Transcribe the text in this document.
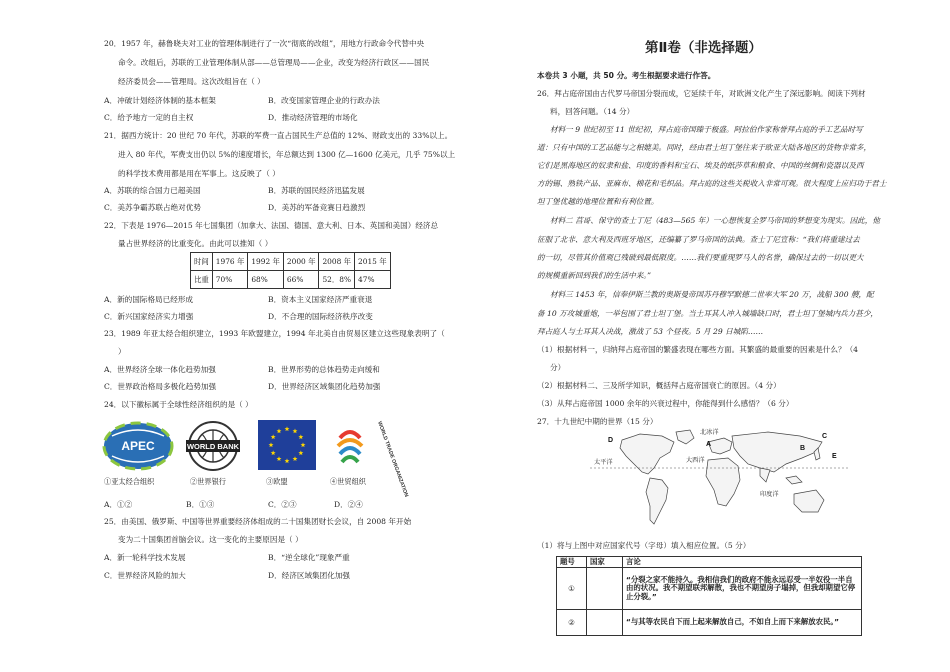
20．1957 年，赫鲁晓夫对工业的管理体制进行了一次“彻底的改组”，用地方行政命令代替中央
命令。改组后，苏联的工业管理体制从部——总管理局——企业，改变为经济行政区——国民
经济委员会——管理局。这次改组旨在（ ）
A．冲破计划经济体制的基本框架	B．改变国家管理企业的行政办法
C．给予地方一定的自主权	D．推动经济管理的市场化
21．据西方统计：20 世纪 70 年代，苏联的军费一直占国民生产总值的 12%、财政支出的 33%以上。
进入 80 年代，军费支出仍以 5%的速度增长，年总额达到 1300 亿—1600 亿美元，几乎 75%以上
的科学技术费用都是用在军事上。这反映了（ ）
A．苏联的综合国力已超美国	B．苏联的国民经济迅猛发展
C．美苏争霸苏联占绝对优势	D．美苏的军备竞赛日趋激烈
22．下表是 1976—2015 年七国集团（加拿大、法国、德国、意大利、日本、英国和美国）经济总
量占世界经济的比重变化。由此可以推知（ ）
时间	1976 年	1992 年	2000 年	2008 年	2015 年
比重	70%	68%	66%	52．8%	47%
A．新的国际格局已经形成	B．资本主义国家经济严重衰退
C．新兴国家经济实力增强	D．不合理的国际经济秩序改变
23．1989 年亚太经合组织建立，1993 年欧盟建立，1994 年北美自由贸易区建立这些现象表明了（
）
A．世界经济全球一体化趋势加强	B．世界形势的总体趋势走向缓和
C．世界政治格局多极化趋势加强	D．世界经济区域集团化趋势加强
24．以下徽标属于全球性经济组织的是（ ）
APEC	WORLD BANK	WORLD TRADE ORGANIZATION
①亚太经合组织	②世界银行	③欧盟	④世贸组织
A．①②	B．①③	C．②③	D．②④
25．由美国、俄罗斯、中国等世界重要经济体组成的二十国集团财长会议，自 2008 年开始
变为二十国集团首脑会议。这一变化的主要原因是（ ）
A．新一轮科学技术发展	B．“逆全球化”现象严重
C．世界经济风险的加大	D．经济区域集团化加强
第Ⅱ卷（非选择题）
本卷共 3 小题，共 50 分。考生根据要求进行作答。
26．拜占庭帝国由古代罗马帝国分裂而成，它延续千年，对欧洲文化产生了深远影响。阅读下列材
料，回答问题。（14 分）
材料一 9 世纪初至 11 世纪初，拜占庭帝国臻于极盛。阿拉伯作家称誉拜占庭的手工艺品时写
道：只有中国的工艺品能与之相媲美。同时，经由君士坦丁堡往来于欧亚大陆各地区的货物非常多，
它们是黑海地区的奴隶和盐、印度的香料和宝石、埃及的纸莎草和粮食、中国的丝绸和瓷器以及西
方的锡、熟铁产品、亚麻布、棉花和毛织品。拜占庭的这些关税收入非常可观。很大程度上应归功于君士
坦丁堡优越的地理位置和有利位置。
材料二 莒哥、保守的查士丁尼（483—565 年）一心想恢复全罗马帝国的梦想变为现实。因此，他
征服了北非、意大利及西班牙地区，还编纂了罗马帝国的法典。查士丁尼宣称：“我们将重建过去
的一切，尽管其价值观已残破到最低限度。……我们要重现罗马人的名誉，确保过去的一切以更大
的规模重新回到我们的生活中来。”
材料三 1453 年，信奉伊斯兰教的奥斯曼帝国苏丹穆罕默德二世率大军 20 万，战船 300 艘，配
备 10 万攻城重炮，一举包围了君士坦丁堡。当土耳其人冲入城墙缺口时，君士坦丁堡城内兵力甚少，
拜占庭人与土耳其人决战，激战了 53 个昼夜。5 月 29 日城陷……
（1）根据材料一，归纳拜占庭帝国的繁盛表现在哪些方面。其繁盛的最重要的因素是什么？（4
分）
（2）根据材料二、三及所学知识，概括拜占庭帝国衰亡的原因。（4 分）
（3）从拜占庭帝国 1000 余年的兴衰过程中，你能得到什么感悟？（6 分）
27．十九世纪中期的世界（15 分）
D
A
C
B
E
北冰洋
大西洋
太平洋
印度洋
（1）将与上图中对应国家代号（字母）填入相应位置。（5 分）
题号	国家	言论
①		“分裂之家不能持久。我相信我们的政府不能永远忍受一半奴役一半自由的状况。我不期望联邦解散，我也不期望房子塌掉，但我却期望它停止分裂。”
②		“与其等农民自下而上起来解放自己，不如自上而下来解放农民。”
